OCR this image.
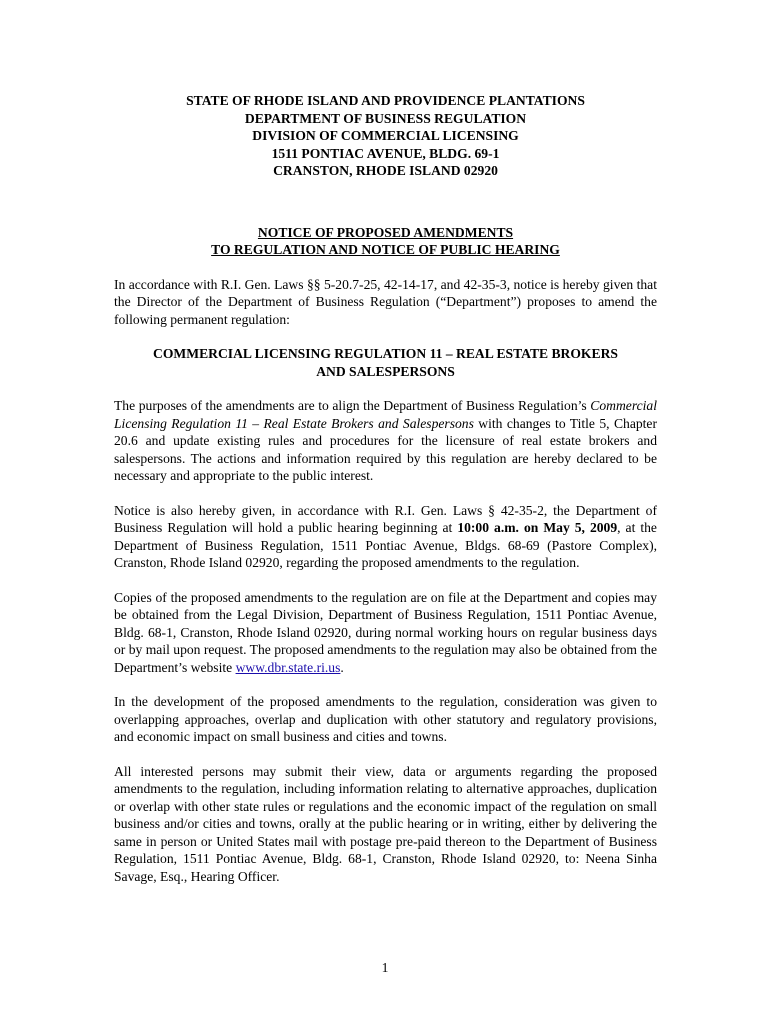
STATE OF RHODE ISLAND AND PROVIDENCE PLANTATIONS
DEPARTMENT OF BUSINESS REGULATION
DIVISION OF COMMERCIAL LICENSING
1511 PONTIAC AVENUE, BLDG. 69-1
CRANSTON, RHODE ISLAND 02920
NOTICE OF PROPOSED AMENDMENTS
TO REGULATION AND NOTICE OF PUBLIC HEARING

In accordance with R.I. Gen. Laws §§ 5-20.7-25, 42-14-17, and 42-35-3, notice is hereby given that the Director of the Department of Business Regulation (“Department”) proposes to amend the following permanent regulation:

COMMERCIAL LICENSING REGULATION 11 – REAL ESTATE BROKERS
AND SALESPERSONS

The purposes of the amendments are to align the Department of Business Regulation’s Commercial Licensing Regulation 11 – Real Estate Brokers and Salespersons with changes to Title 5, Chapter 20.6 and update existing rules and procedures for the licensure of real estate brokers and salespersons. The actions and information required by this regulation are hereby declared to be necessary and appropriate to the public interest.

Notice is also hereby given, in accordance with R.I. Gen. Laws § 42-35-2, the Department of Business Regulation will hold a public hearing beginning at 10:00 a.m. on May 5, 2009, at the Department of Business Regulation, 1511 Pontiac Avenue, Bldgs. 68-69 (Pastore Complex), Cranston, Rhode Island 02920, regarding the proposed amendments to the regulation.

Copies of the proposed amendments to the regulation are on file at the Department and copies may be obtained from the Legal Division, Department of Business Regulation, 1511 Pontiac Avenue, Bldg. 68-1, Cranston, Rhode Island 02920, during normal working hours on regular business days or by mail upon request. The proposed amendments to the regulation may also be obtained from the Department’s website www.dbr.state.ri.us.

In the development of the proposed amendments to the regulation, consideration was given to overlapping approaches, overlap and duplication with other statutory and regulatory provisions, and economic impact on small business and cities and towns.

All interested persons may submit their view, data or arguments regarding the proposed amendments to the regulation, including information relating to alternative approaches, duplication or overlap with other state rules or regulations and the economic impact of the regulation on small business and/or cities and towns, orally at the public hearing or in writing, either by delivering the same in person or United States mail with postage pre-paid thereon to the Department of Business Regulation, 1511 Pontiac Avenue, Bldg. 68-1, Cranston, Rhode Island 02920, to: Neena Sinha Savage, Esq., Hearing Officer.

1
